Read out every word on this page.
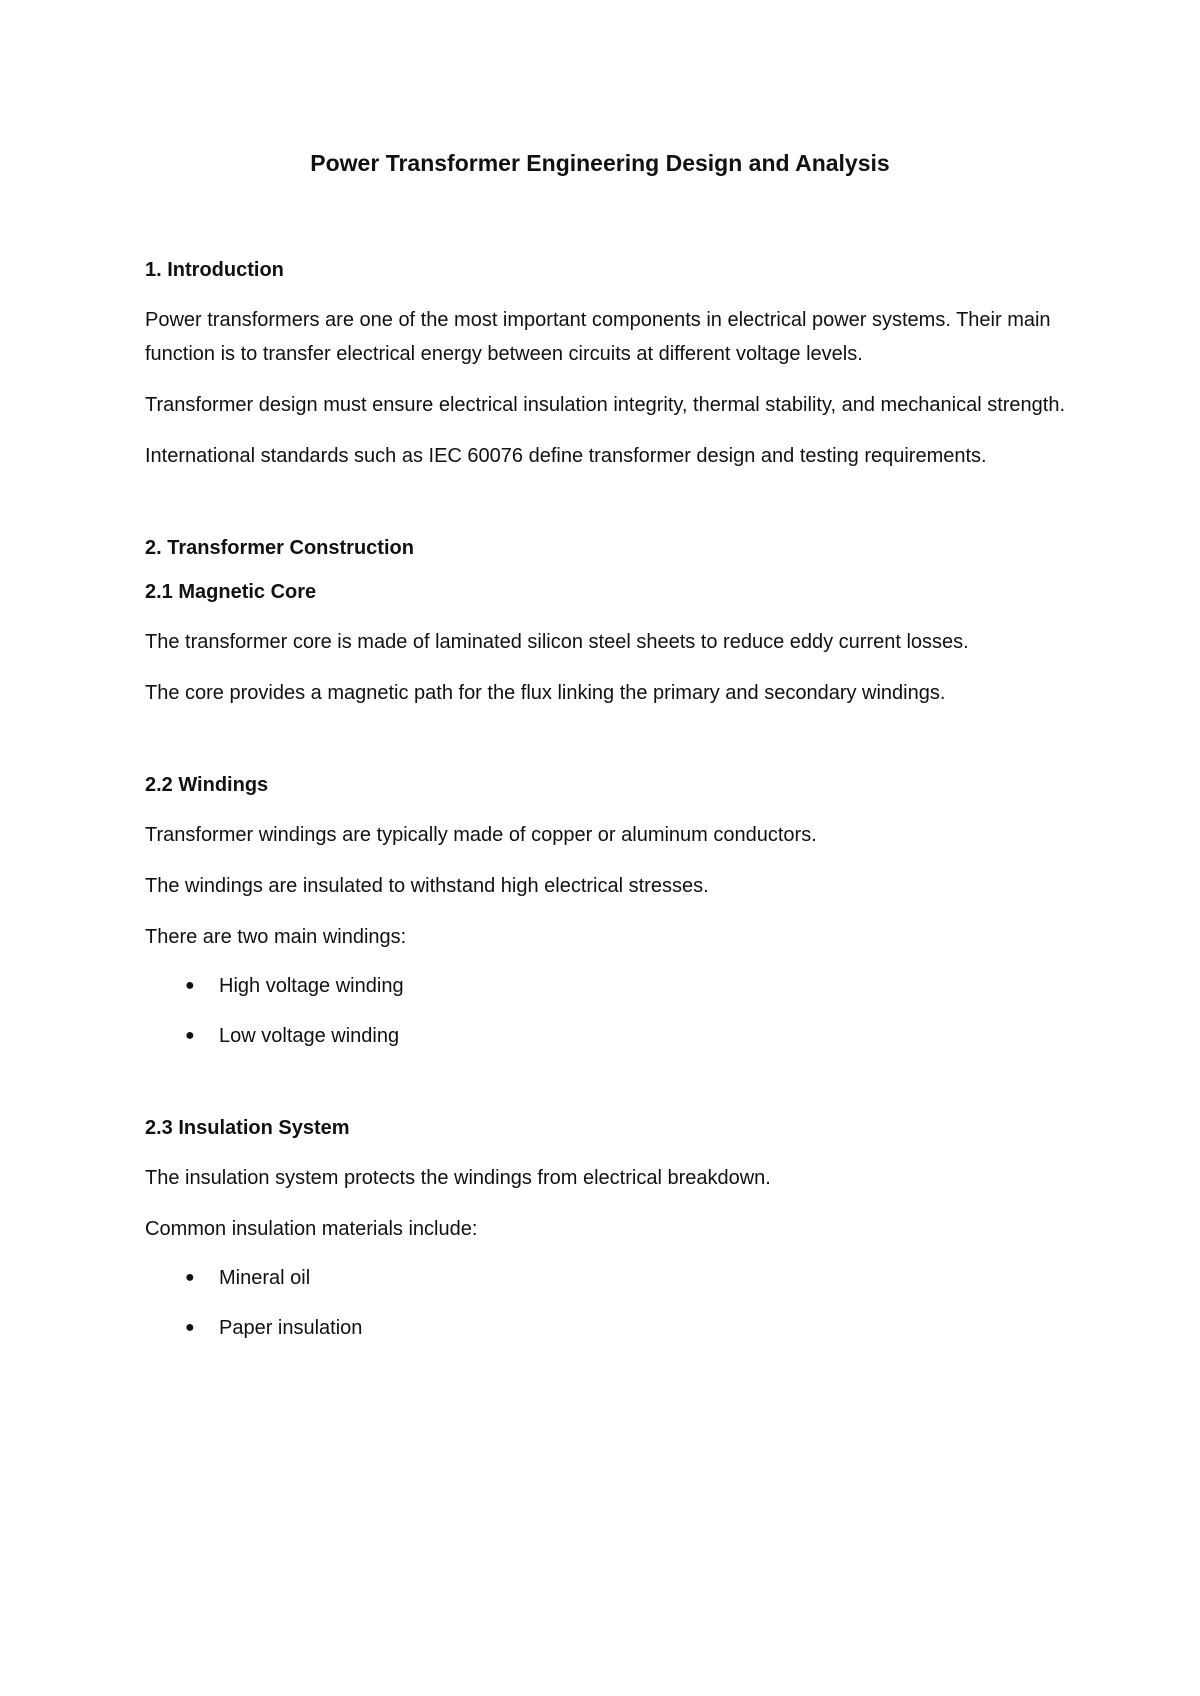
Power Transformer Engineering Design and Analysis
1. Introduction

Power transformers are one of the most important components in electrical power systems. Their main function is to transfer electrical energy between circuits at different voltage levels.

Transformer design must ensure electrical insulation integrity, thermal stability, and mechanical strength.

International standards such as IEC 60076 define transformer design and testing requirements.

2. Transformer Construction
2.1 Magnetic Core

The transformer core is made of laminated silicon steel sheets to reduce eddy current losses.

The core provides a magnetic path for the flux linking the primary and secondary windings.

2.2 Windings

Transformer windings are typically made of copper or aluminum conductors.

The windings are insulated to withstand high electrical stresses.

There are two main windings:

● High voltage winding
● Low voltage winding
2.3 Insulation System

The insulation system protects the windings from electrical breakdown.

Common insulation materials include:

● Mineral oil
● Paper insulation
